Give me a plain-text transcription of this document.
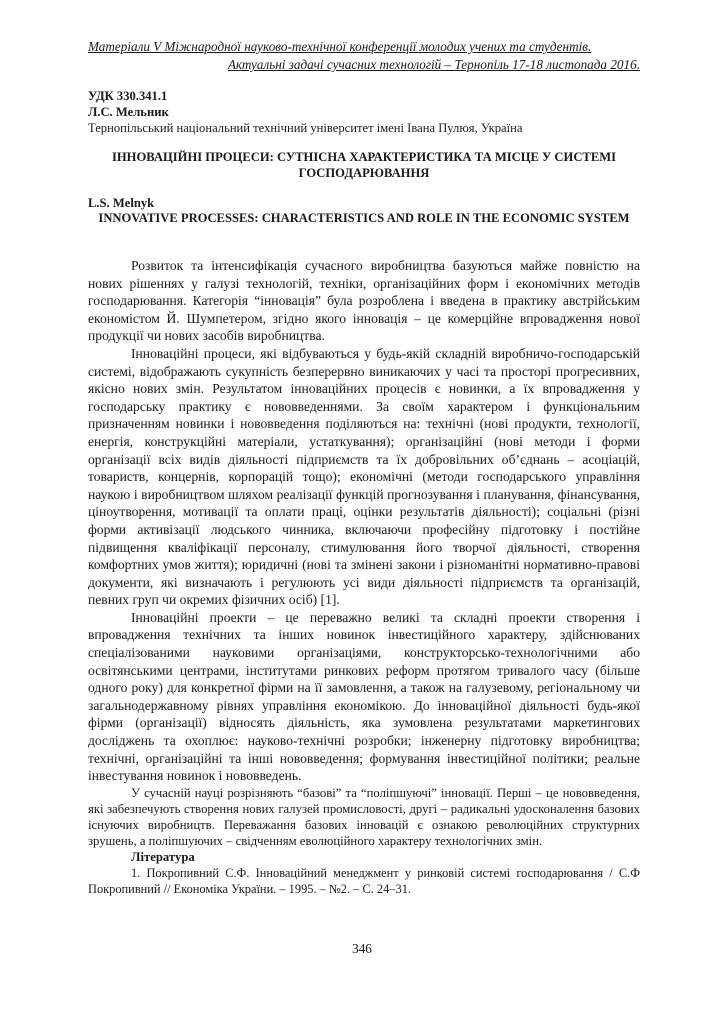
Матеріали V Міжнародної науково-технічної конференції молодих учених та студентів.
Актуальні задачі сучасних технологій – Тернопіль 17-18 листопада 2016.
УДК 330.341.1
Л.С. Мельник
Тернопільський національний технічний університет імені Івана Пулюя, Україна
ІННОВАЦІЙНІ ПРОЦЕСИ: СУТНІСНА ХАРАКТЕРИСТИКА ТА МІСЦЕ У СИСТЕМІ ГОСПОДАРЮВАННЯ
L.S. Melnyk
INNOVATIVE PROCESSES: CHARACTERISTICS AND ROLE IN THE ECONOMIC SYSTEM

Розвиток та інтенсифікація сучасного виробництва базуються майже повністю на нових рішеннях у галузі технологій, техніки, організаційних форм і економічних методів господарювання. Категорія “інновація” була розроблена і введена в практику австрійським економістом Й. Шумпетером, згідно якого інновація – це комерційне впровадження нової продукції чи нових засобів виробництва.

Інноваційні процеси, які відбуваються у будь-якій складній виробничо-господарській системі, відображають сукупність безперервно виникаючих у часі та просторі прогресивних, якісно нових змін. Результатом інноваційних процесів є новинки, а їх впровадження у господарську практику є нововведеннями. За своїм характером і функціональним призначенням новинки і нововведення поділяються на: технічні (нові продукти, технології, енергія, конструкційні матеріали, устаткування); організаційні (нові методи і форми організації всіх видів діяльності підприємств та їх добровільних об’єднань – асоціацій, товариств, концернів, корпорацій тощо); економічні (методи господарського управління наукою і виробництвом шляхом реалізації функцій прогнозування і планування, фінансування, ціноутворення, мотивації та оплати праці, оцінки результатів діяльності); соціальні (різні форми активізації людського чинника, включаючи професійну підготовку і постійне підвищення кваліфікації персоналу, стимулювання його творчої діяльності, створення комфортних умов життя); юридичні (нові та змінені закони і різноманітні нормативно-правові документи, які визначають і регулюють усі види діяльності підприємств та організацій, певних груп чи окремих фізичних осіб) [1].

Інноваційні проекти – це переважно великі та складні проекти створення і впровадження технічних та інших новинок інвестиційного характеру, здійснюваних спеціалізованими науковими організаціями, конструкторсько-технологічними або освітянськими центрами, інститутами ринкових реформ протягом тривалого часу (більше одного року) для конкретної фірми на її замовлення, а також на галузевому, регіональному чи загальнодержавному рівнях управління економікою. До інноваційної діяльності будь-якої фірми (організації) відносять діяльність, яка зумовлена результатами маркетингових досліджень та охоплює: науково-технічні розробки; інженерну підготовку виробництва; технічні, організаційні та інші нововведення; формування інвестиційної політики; реальне інвестування новинок і нововведень.

У сучасній науці розрізняють “базові” та “поліпшуючі” інновації. Перші – це нововведення, які забезпечують створення нових галузей промисловості, другі – радикальні удосконалення базових існуючих виробництв. Переважання базових інновацій є ознакою революційних структурних зрушень, а поліпшуючих – свідченням еволюційного характеру технологічних змін.

Література

1. Покропивний С.Ф. Інноваційний менеджмент у ринковій системі господарювання / С.Ф Покропивний // Економіка України. – 1995. – №2. – С. 24–31.

346
